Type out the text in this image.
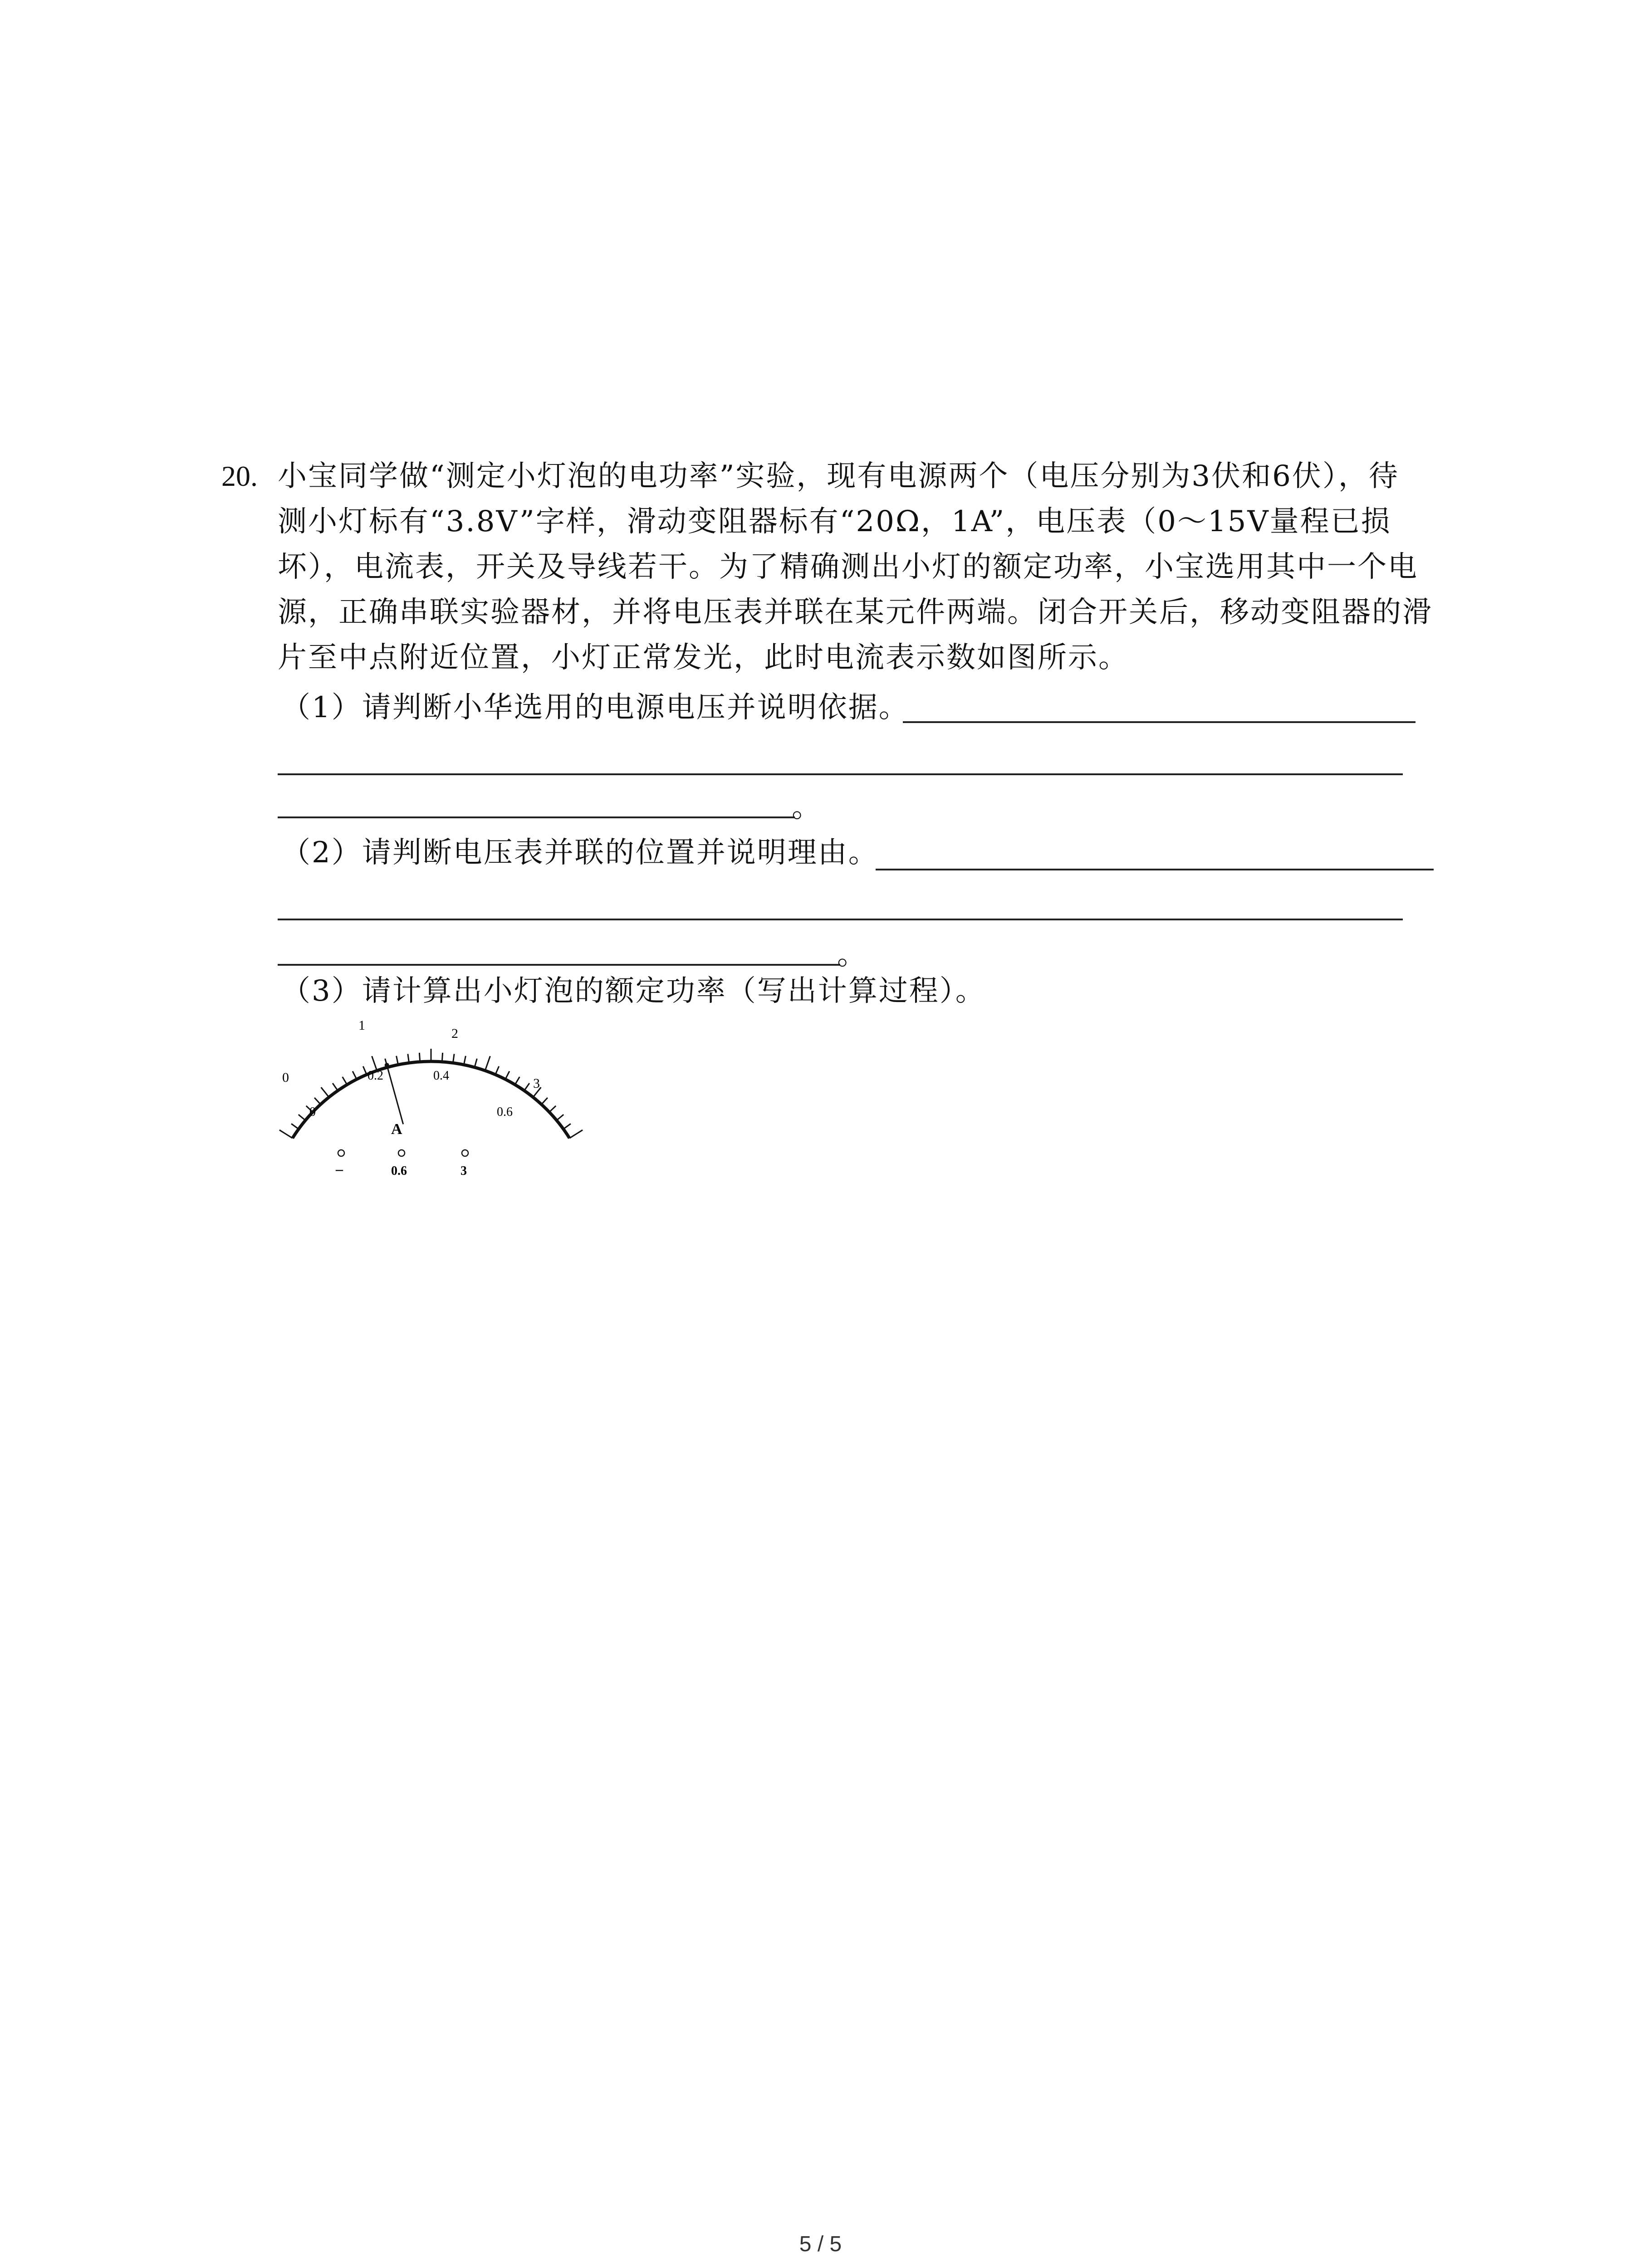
20. 小宝同学做“测定小灯泡的电功率”实验，现有电源两个（电压分别为3伏和6伏），待
测小灯标有“3.8V”字样，滑动变阻器标有“20Ω，1A”，电压表（0～15V量程已损
坏），电流表，开关及导线若干。为了精确测出小灯的额定功率，小宝选用其中一个电
源，正确串联实验器材，并将电压表并联在某元件两端。闭合开关后，移动变阻器的滑
片至中点附近位置，小灯正常发光，此时电流表示数如图所示。
（1）请判断小华选用的电源电压并说明依据。
。
（2）请判断电压表并联的位置并说明理由。
。
（3）请计算出小灯泡的额定功率（写出计算过程）。
0
1
2
3
0
0.2	0.4
0.6
A
–	0.6	3
5 / 5
